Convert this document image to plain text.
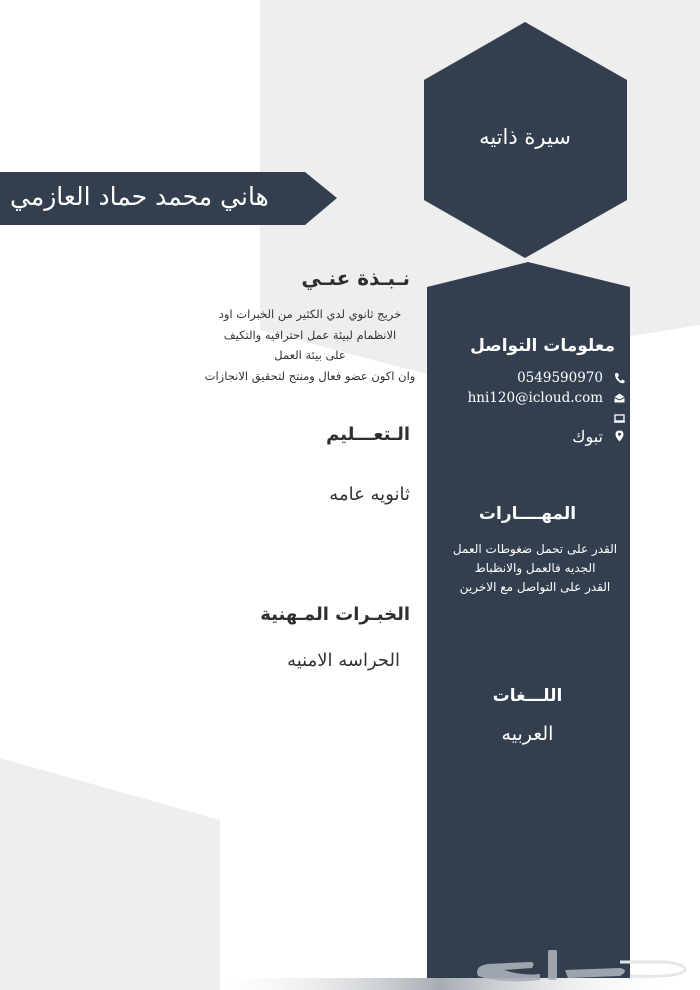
سيرة ذاتيه
هاني محمد حماد العازمي
نـبـذة عنـي
خريج ثانوي لدي الكثير من الخبرات اود
الانظمام لبيئة عمل احترافيه والتكيف
على بيئة العمل
وان اكون عضو فعال ومنتج لتحقيق الانجازات
الـتعـــليم
ثانويه عامه
الخبـرات المـهنية
الحراسه الامنيه
معلومات التواصل
0549590970
hni120@icloud.com
تبوك
المهــــارات
القدر على تحمل ضغوطات العمل
الجديه فالعمل والانظباط
القدر على التواصل مع الاخرين
اللـــغات
العربيه
